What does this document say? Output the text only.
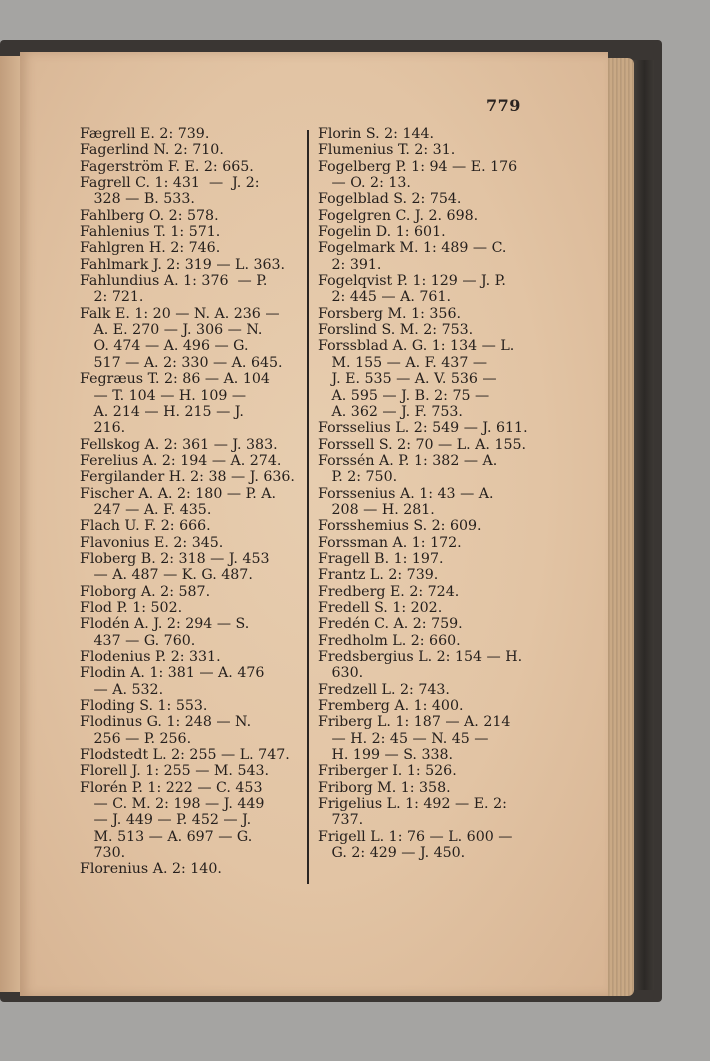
779
Fægrell E. 2: 739.
Fagerlind N. 2: 710.
Fagerström F. E. 2: 665.
Fagrell C. 1: 431  —  J. 2:
328 — B. 533.
Fahlberg O. 2: 578.
Fahlenius T. 1: 571.
Fahlgren H. 2: 746.
Fahlmark J. 2: 319 — L. 363.
Fahlundius A. 1: 376  — P.
2: 721.
Falk E. 1: 20 — N. A. 236 —
A. E. 270 — J. 306 — N.
O. 474 — A. 496 — G.
517 — A. 2: 330 — A. 645.
Fegræus T. 2: 86 — A. 104
— T. 104 — H. 109 —
A. 214 — H. 215 — J.
216.
Fellskog A. 2: 361 — J. 383.
Ferelius A. 2: 194 — A. 274.
Fergilander H. 2: 38 — J. 636.
Fischer A. A. 2: 180 — P. A.
247 — A. F. 435.
Flach U. F. 2: 666.
Flavonius E. 2: 345.
Floberg B. 2: 318 — J. 453
— A. 487 — K. G. 487.
Floborg A. 2: 587.
Flod P. 1: 502.
Flodén A. J. 2: 294 — S.
437 — G. 760.
Flodenius P. 2: 331.
Flodin A. 1: 381 — A. 476
— A. 532.
Floding S. 1: 553.
Flodinus G. 1: 248 — N.
256 — P. 256.
Flodstedt L. 2: 255 — L. 747.
Florell J. 1: 255 — M. 543.
Florén P. 1: 222 — C. 453
— C. M. 2: 198 — J. 449
— J. 449 — P. 452 — J.
M. 513 — A. 697 — G.
730.
Florenius A. 2: 140.
Florin S. 2: 144.
Flumenius T. 2: 31.
Fogelberg P. 1: 94 — E. 176
— O. 2: 13.
Fogelblad S. 2: 754.
Fogelgren C. J. 2. 698.
Fogelin D. 1: 601.
Fogelmark M. 1: 489 — C.
2: 391.
Fogelqvist P. 1: 129 — J. P.
2: 445 — A. 761.
Forsberg M. 1: 356.
Forslind S. M. 2: 753.
Forssblad A. G. 1: 134 — L.
M. 155 — A. F. 437 —
J. E. 535 — A. V. 536 —
A. 595 — J. B. 2: 75 —
A. 362 — J. F. 753.
Forsselius L. 2: 549 — J. 611.
Forssell S. 2: 70 — L. A. 155.
Forssén A. P. 1: 382 — A.
P. 2: 750.
Forssenius A. 1: 43 — A.
208 — H. 281.
Forsshemius S. 2: 609.
Forssman A. 1: 172.
Fragell B. 1: 197.
Frantz L. 2: 739.
Fredberg E. 2: 724.
Fredell S. 1: 202.
Fredén C. A. 2: 759.
Fredholm L. 2: 660.
Fredsbergius L. 2: 154 — H.
630.
Fredzell L. 2: 743.
Fremberg A. 1: 400.
Friberg L. 1: 187 — A. 214
— H. 2: 45 — N. 45 —
H. 199 — S. 338.
Friberger I. 1: 526.
Friborg M. 1: 358.
Frigelius L. 1: 492 — E. 2:
737.
Frigell L. 1: 76 — L. 600 —
G. 2: 429 — J. 450.
